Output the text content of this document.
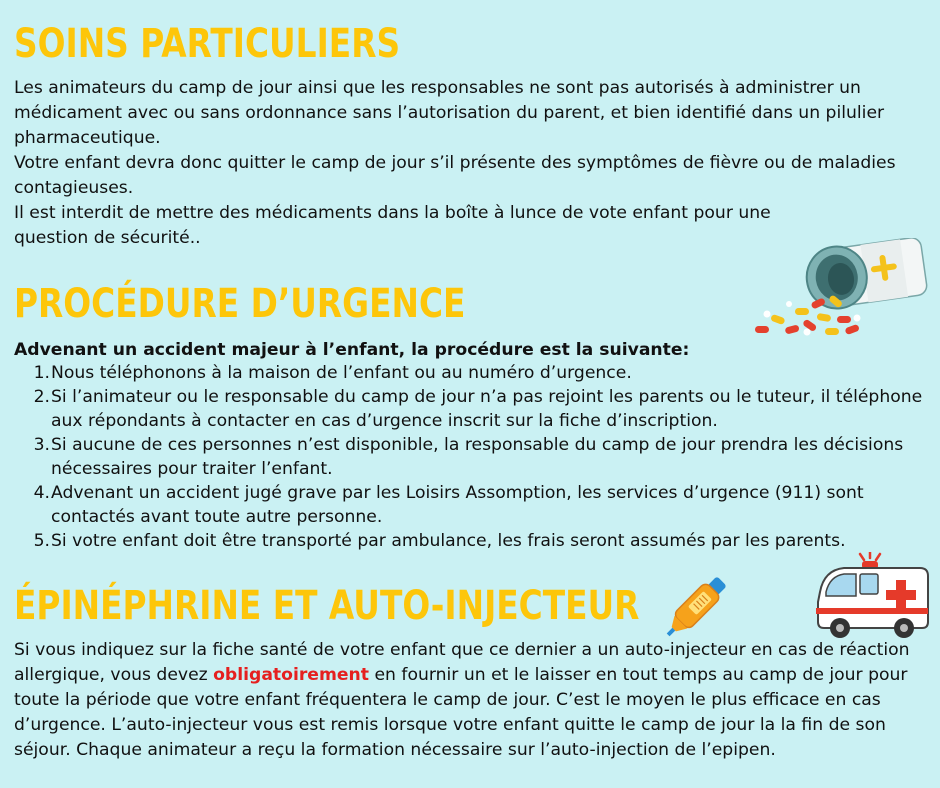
SOINS PARTICULIERS
Les animateurs du camp de jour ainsi que les responsables ne sont pas autorisés à administrer un médicament avec ou sans ordonnance sans l’autorisation du parent, et bien identifié dans un pilulier pharmaceutique.
Votre enfant devra donc quitter le camp de jour s’il présente des symptômes de fièvre ou de maladies contagieuses.
Il est interdit de mettre des médicaments dans la boîte à lunce de vote enfant pour une question de sécurité..
PROCÉDURE D’URGENCE
Advenant un accident majeur à l’enfant, la procédure est la suivante:
1. Nous téléphonons à la maison de l’enfant ou au numéro d’urgence.
2. Si l’animateur ou le responsable du camp de jour n’a pas rejoint les parents ou le tuteur, il téléphone aux répondants à contacter en cas d’urgence inscrit sur la fiche d’inscription.
3. Si aucune de ces personnes n’est disponible, la responsable du camp de jour prendra les décisions nécessaires pour traiter l’enfant.
4. Advenant un accident jugé grave par les Loisirs Assomption, les services d’urgence (911) sont contactés avant toute autre personne.
5. Si votre enfant doit être transporté par ambulance, les frais seront assumés par les parents.
ÉPINÉPHRINE ET AUTO-INJECTEUR
Si vous indiquez sur la fiche santé de votre enfant que ce dernier a un auto-injecteur en cas de réaction allergique, vous devez obligatoirement en fournir un et le laisser en tout temps au camp de jour pour toute la période que votre enfant fréquentera le camp de jour. C’est le moyen le plus efficace en cas d’urgence. L’auto-injecteur vous est remis lorsque votre enfant quitte le camp de jour la la fin de son séjour. Chaque animateur a reçu la formation nécessaire sur l’auto-injection de l’epipen.
